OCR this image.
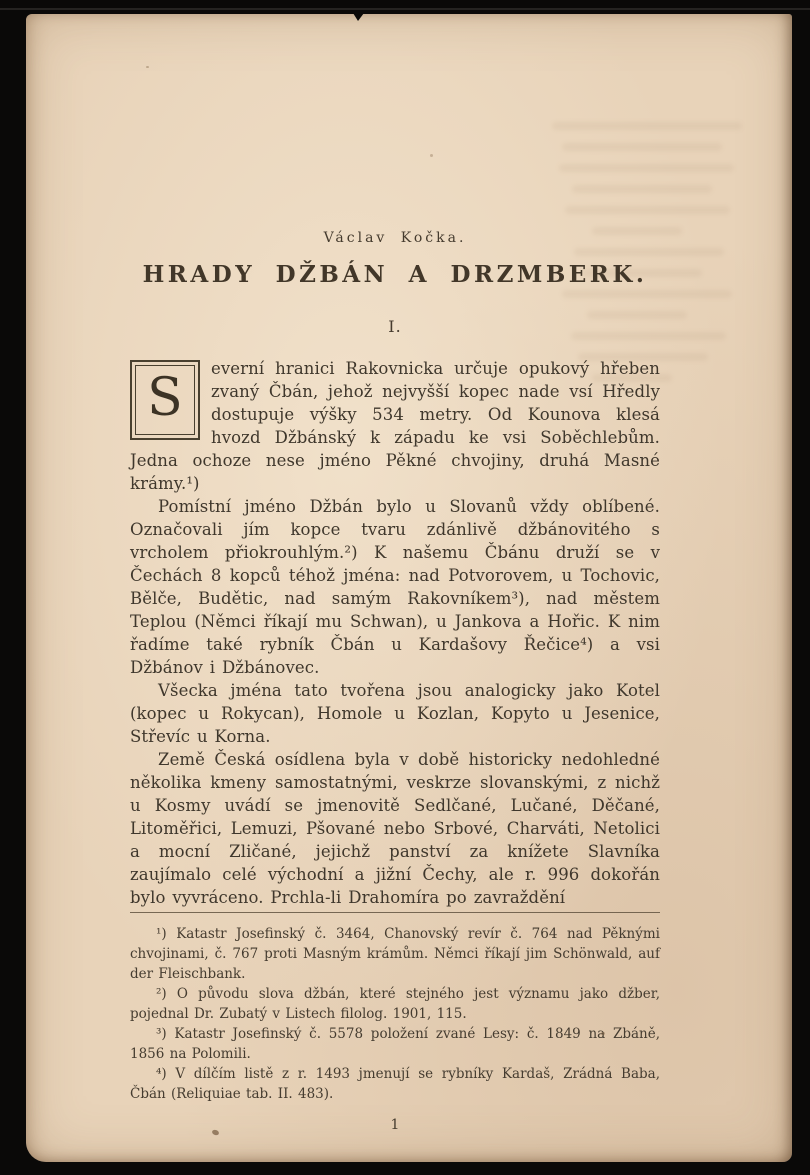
Václav Kočka.
HRADY DŽBÁN A DRZMBERK.
I.

S everní hranici Rakovnicka určuje opukový hřeben zvaný Čbán, jehož nejvyšší kopec nade vsí Hředly dostupuje výšky 534 metry. Od Kounova klesá hvozd Džbánský k západu ke vsi Soběchlebům. Jedna ochoze nese jméno Pěkné chvojiny, druhá Masné krámy.¹)

Pomístní jméno Džbán bylo u Slovanů vždy oblíbené. Označovali jím kopce tvaru zdánlivě džbánovitého s vrcholem přiokrouhlým.²) K našemu Čbánu druží se v Čechách 8 kopců téhož jména: nad Potvorovem, u Tochovic, Bělče, Budětic, nad samým Rakovníkem³), nad městem Teplou (Němci říkají mu Schwan), u Jankova a Hořic. K nim řadíme také rybník Čbán u Kardašovy Řečice⁴) a vsi Džbánov i Džbánovec.

Všecka jména tato tvořena jsou analogicky jako Kotel (kopec u Rokycan), Homole u Kozlan, Kopyto u Jesenice, Střevíc u Korna.

Země Česká osídlena byla v době historicky nedohledné několika kmeny samostatnými, veskrze slovanskými, z nichž u Kosmy uvádí se jmenovitě Sedlčané, Lučané, Děčané, Litoměřici, Lemuzi, Pšované nebo Srbové, Charváti, Netolici a mocní Zličané, jejichž panství za knížete Slavníka zaujímalo celé východní a jižní Čechy, ale r. 996 dokořán bylo vyvráceno. Prchla-li Drahomíra po zavraždění

¹) Katastr Josefinský č. 3464, Chanovský revír č. 764 nad Pěknými chvojinami, č. 767 proti Masným krámům. Němci říkají jim Schönwald, auf der Fleischbank.

²) O původu slova džbán, které stejného jest významu jako džber, pojednal Dr. Zubatý v Listech filolog. 1901, 115.

³) Katastr Josefinský č. 5578 položení zvané Lesy: č. 1849 na Zbáně, 1856 na Polomili.

⁴) V dílčím listě z r. 1493 jmenují se rybníky Kardaš, Zrádná Baba, Čbán (Reliquiae tab. II. 483).

1
